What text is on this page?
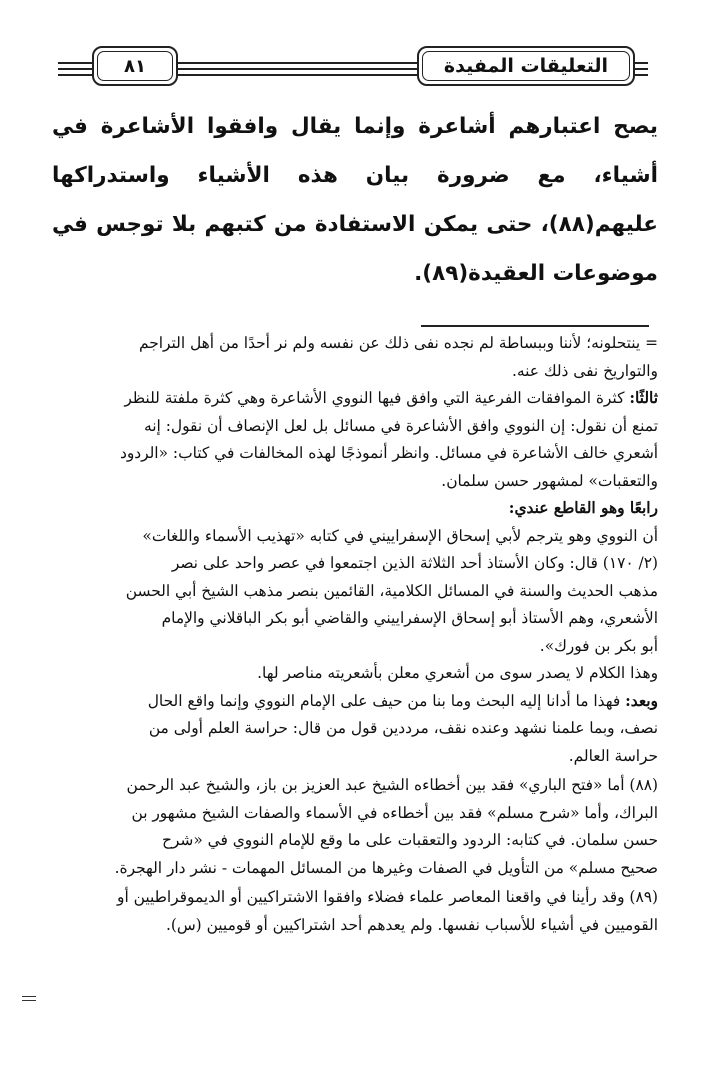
٨١	التعليقات المفيدة

يصح اعتبارهم أشاعرة وإنما يقال وافقوا الأشاعرة في أشياء، مع ضرورة بيان هذه الأشياء واستدراكها عليهم(٨٨)، حتى يمكن الاستفادة من كتبهم بلا توجس في موضوعات العقيدة(٨٩).

= ينتحلونه؛ لأننا وببساطة لم نجده نفى ذلك عن نفسه ولم نر أحدًا من أهل التراجم

والتواريخ نفى ذلك عنه.

ثالثًا: كثرة الموافقات الفرعية التي وافق فيها النووي الأشاعرة وهي كثرة ملفتة للنظر

تمنع أن نقول: إن النووي وافق الأشاعرة في مسائل بل لعل الإنصاف أن نقول: إنه

أشعري خالف الأشاعرة في مسائل. وانظر أنموذجًا لهذه المخالفات في كتاب: «الردود

والتعقبات» لمشهور حسن سلمان.

رابعًا وهو القاطع عندي:

أن النووي وهو يترجم لأبي إسحاق الإسفراييني في كتابه «تهذيب الأسماء واللغات»

(٢/ ١٧٠) قال: وكان الأستاذ أحد الثلاثة الذين اجتمعوا في عصر واحد على نصر

مذهب الحديث والسنة في المسائل الكلامية، القائمين بنصر مذهب الشيخ أبي الحسن

الأشعري، وهم الأستاذ أبو إسحاق الإسفراييني والقاضي أبو بكر الباقلاني والإمام

أبو بكر بن فورك».

وهذا الكلام لا يصدر سوى من أشعري معلن بأشعريته مناصر لها.

وبعد: فهذا ما أدانا إليه البحث وما بنا من حيف على الإمام النووي وإنما واقع الحال

نصف، وبما علمنا نشهد وعنده نقف، مرددين قول من قال: حراسة العلم أولى من

حراسة العالم.

(٨٨) أما «فتح الباري» فقد بين أخطاءه الشيخ عبد العزيز بن باز، والشيخ عبد الرحمن

البراك، وأما «شرح مسلم» فقد بين أخطاءه في الأسماء والصفات الشيخ مشهور بن

حسن سلمان. في كتابه: الردود والتعقبات على ما وقع للإمام النووي في «شرح

صحيح مسلم» من التأويل في الصفات وغيرها من المسائل المهمات - نشر دار الهجرة.

(٨٩) وقد رأينا في واقعنا المعاصر علماء فضلاء وافقوا الاشتراكيين أو الديموقراطيين أو

القوميين في أشياء للأسباب نفسها. ولم يعدهم أحد اشتراكيين أو قوميين (س).
